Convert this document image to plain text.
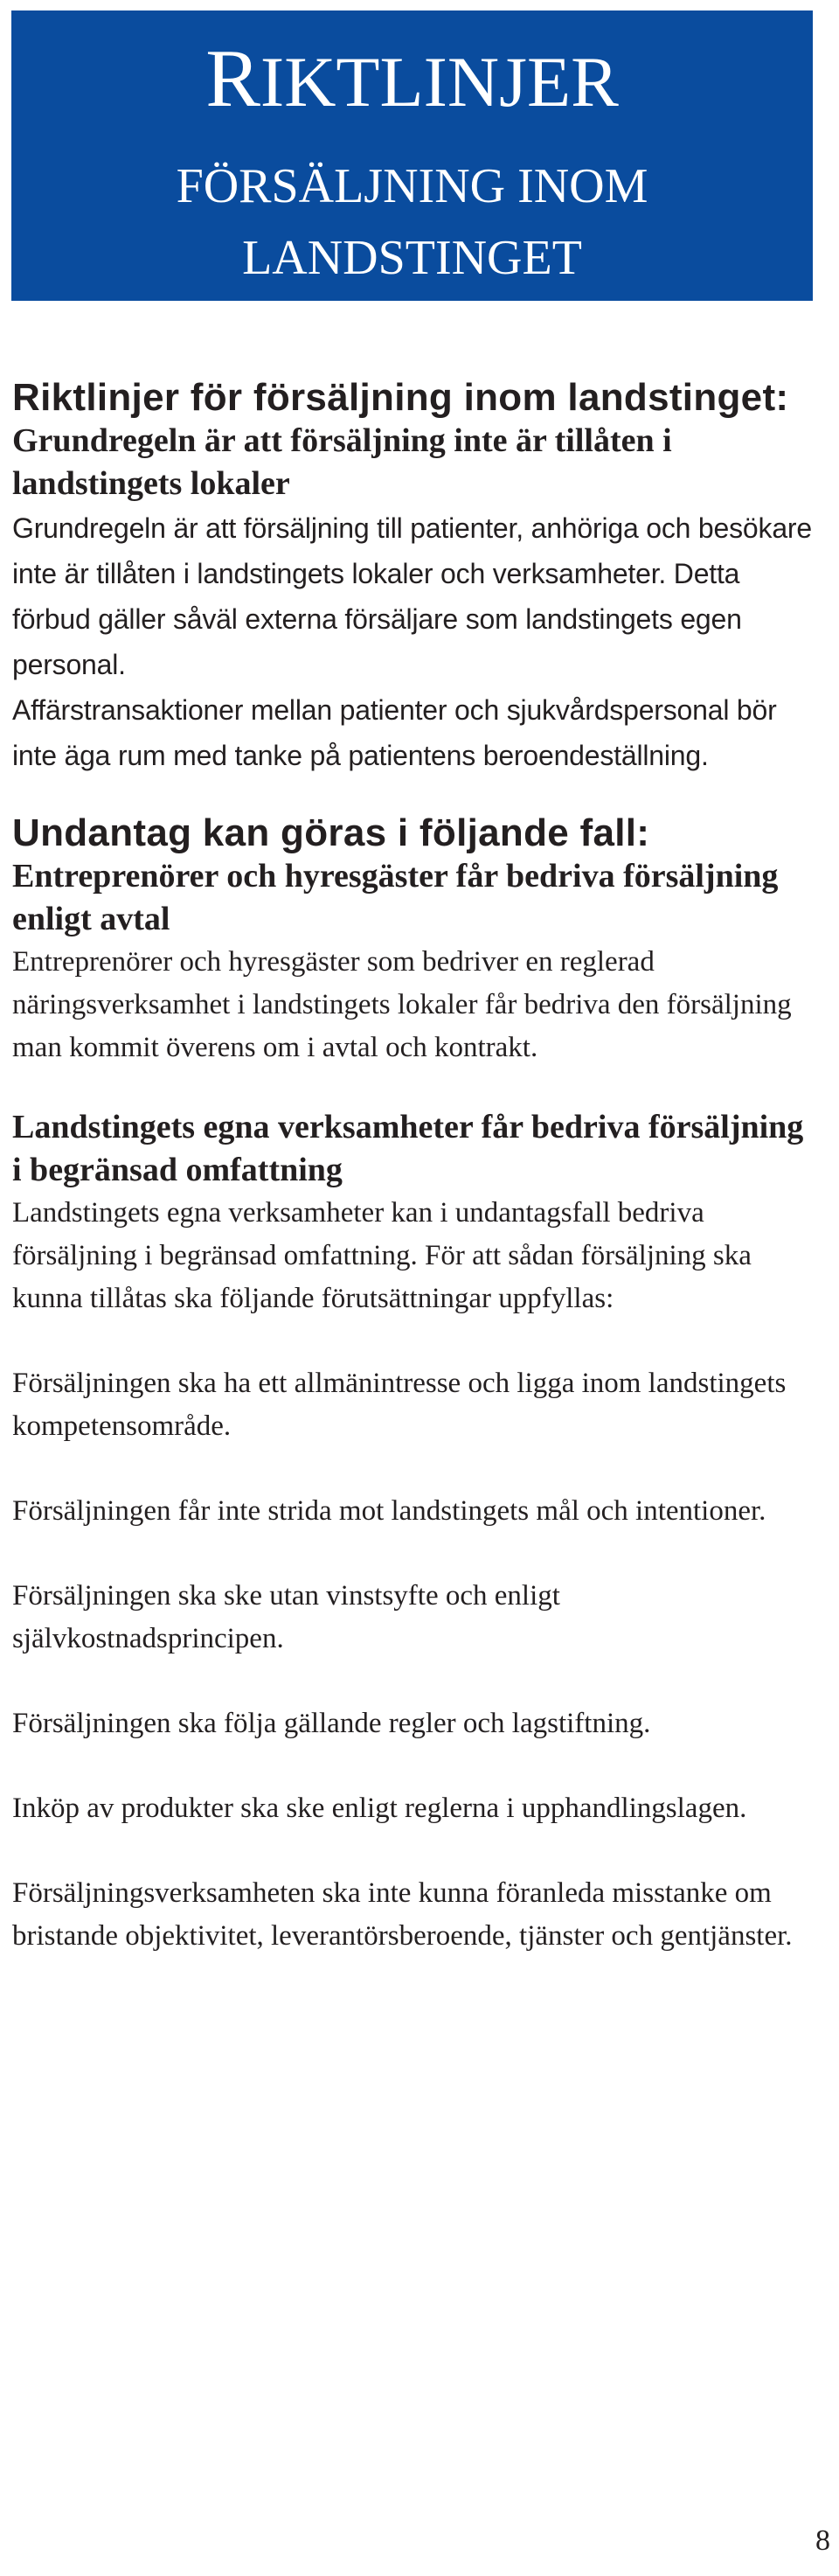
RIKTLINJER
FÖRSÄLJNING INOM
LANDSTINGET
Riktlinjer för försäljning inom landstinget:
Grundregeln är att försäljning inte är tillåten i landstingets lokaler

Grundregeln är att försäljning till patienter, anhöriga och besökare inte är tillåten i landstingets lokaler och verksamheter. Detta förbud gäller såväl externa försäljare som landstingets egen personal.

Affärstransaktioner mellan patienter och sjukvårdspersonal bör inte äga rum med tanke på patientens beroendeställning.

Undantag kan göras i följande fall:
Entreprenörer och hyresgäster får bedriva försäljning enligt avtal

Entreprenörer och hyresgäster som bedriver en reglerad näringsverksamhet i landstingets lokaler får bedriva den försäljning man kommit överens om i avtal och kontrakt.

Landstingets egna verksamheter får bedriva försäljning i begränsad omfattning

Landstingets egna verksamheter kan i undantagsfall bedriva försäljning i begränsad omfattning. För att sådan försäljning ska kunna tillåtas ska följande förutsättningar uppfyllas:

Försäljningen ska ha ett allmänintresse och ligga inom landstingets kompetensområde.

Försäljningen får inte strida mot landstingets mål och intentioner.

Försäljningen ska ske utan vinstsyfte och enligt självkostnadsprincipen.

Försäljningen ska följa gällande regler och lagstiftning.

Inköp av produkter ska ske enligt reglerna i upphandlingslagen.

Försäljningsverksamheten ska inte kunna föranleda misstanke om bristande objektivitet, leverantörsberoende, tjänster och gentjänster.

8
